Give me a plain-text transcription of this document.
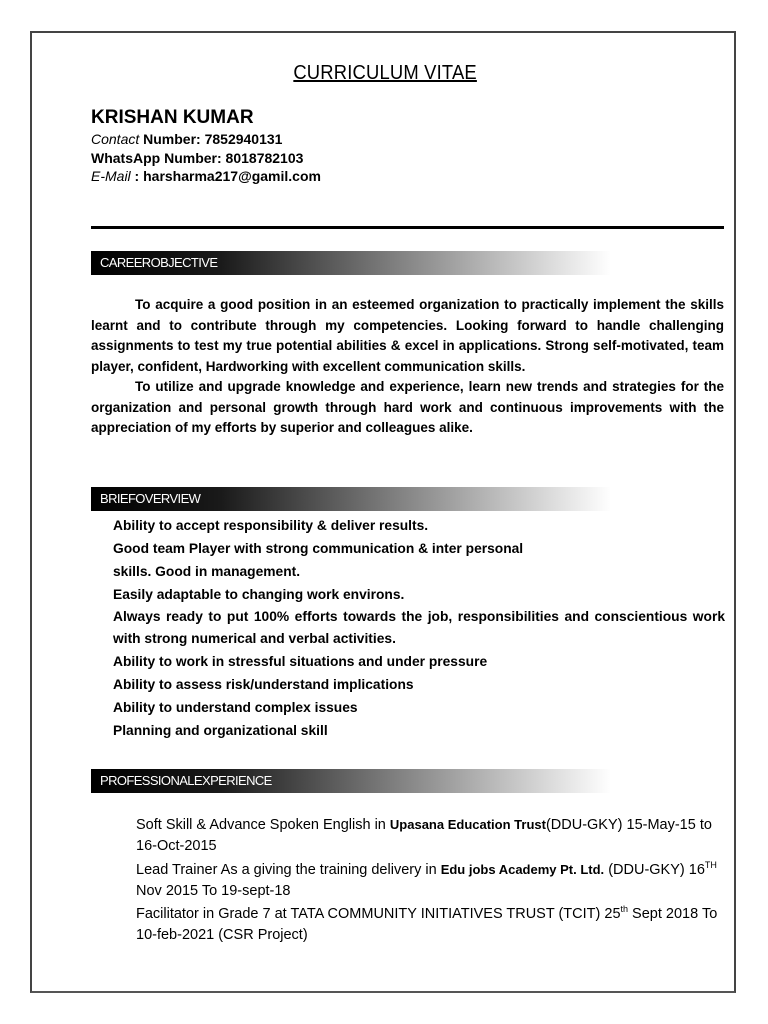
CURRICULUM VITAE
KRISHAN KUMAR
Contact Number: 7852940131
WhatsApp Number: 8018782103
E-Mail : harsharma217@gamil.com
CAREEROBJECTIVE

To acquire a good position in an esteemed organization to practically implement the skills learnt and to contribute through my competencies. Looking forward to handle challenging assignments to test my true potential abilities & excel in applications. Strong self-motivated, team player, confident, Hardworking with excellent communication skills.

To utilize and upgrade knowledge and experience, learn new trends and strategies for the organization and personal growth through hard work and continuous improvements with the appreciation of my efforts by superior and colleagues alike.

BRIEFOVERVIEW
Ability to accept responsibility & deliver results.
Good team Player with strong communication & inter personal
skills. Good in management.
Easily adaptable to changing work environs.
Always ready to put 100% efforts towards the job, responsibilities and conscientious work with strong numerical and verbal activities.
Ability to work in stressful situations and under pressure
Ability to assess risk/understand implications
Ability to understand complex issues
Planning and organizational skill
PROFESSIONALEXPERIENCE
Soft Skill & Advance Spoken English in Upasana Education Trust(DDU-GKY) 15-May-15 to 16-Oct-2015
Lead Trainer As a giving the training delivery in Edu jobs Academy Pt. Ltd. (DDU-GKY) 16TH Nov 2015 To 19-sept-18
Facilitator in Grade 7 at TATA COMMUNITY INITIATIVES TRUST (TCIT) 25th Sept 2018 To 10-feb-2021 (CSR Project)
